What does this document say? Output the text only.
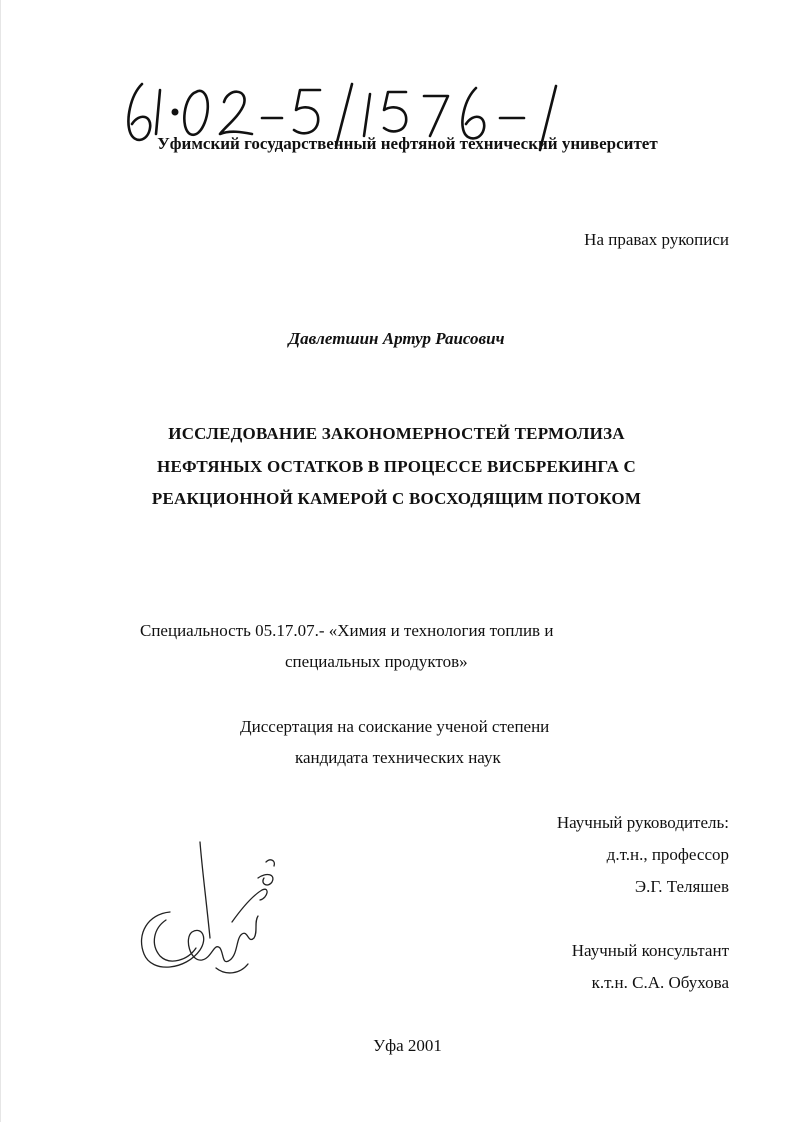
Уфимский государственный нефтяной технический университет
На правах рукописи
Давлетшин Артур Раисович
ИССЛЕДОВАНИЕ ЗАКОНОМЕРНОСТЕЙ ТЕРМОЛИЗА
НЕФТЯНЫХ ОСТАТКОВ В ПРОЦЕССЕ ВИСБРЕКИНГА С
РЕАКЦИОННОЙ КАМЕРОЙ С ВОСХОДЯЩИМ ПОТОКОМ
Специальность 05.17.07.- «Химия и технология топлив и
специальных продуктов»
Диссертация на соискание ученой степени
кандидата технических наук
Научный руководитель:
д.т.н., профессор
Э.Г. Теляшев
Научный консультант
к.т.н. С.А. Обухова
Уфа 2001
